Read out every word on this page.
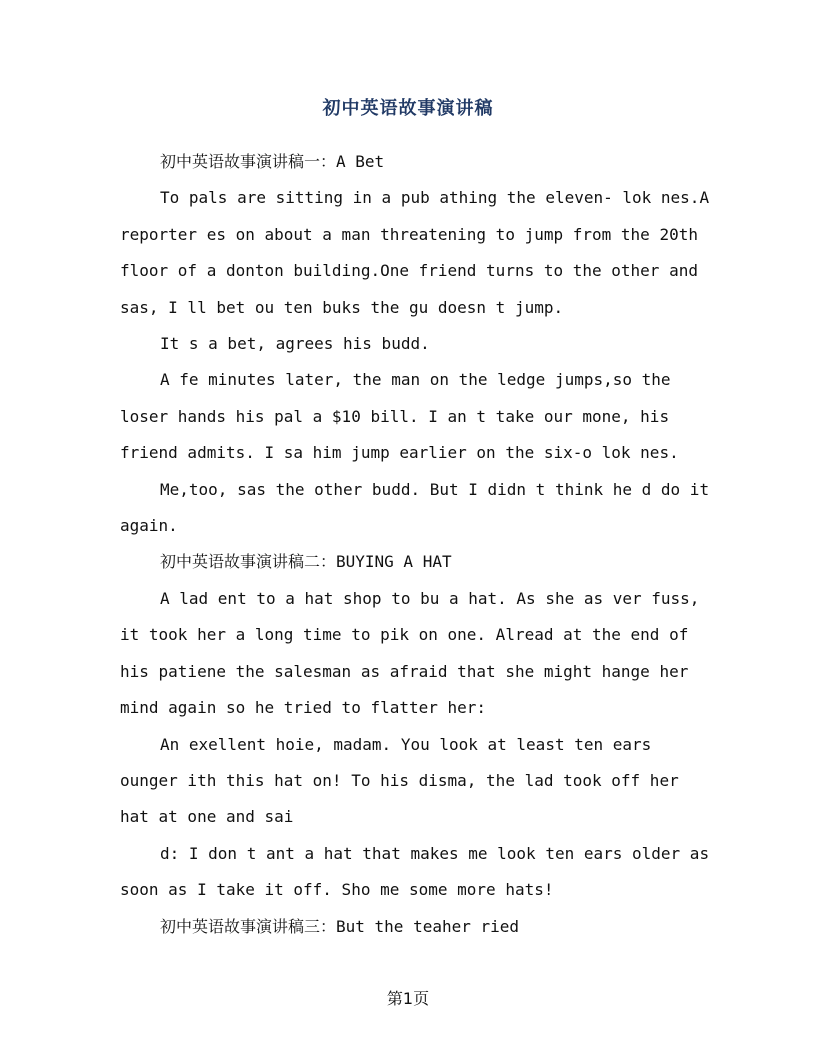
初中英语故事演讲稿

初中英语故事演讲稿一：A Bet

To pals are sitting in a pub athing the eleven- lok nes.A

reporter es on about a man threatening to jump from the 20th

floor of a donton building.One friend turns to the other and

sas, I ll bet ou ten buks the gu doesn t jump.

It s a bet, agrees his budd.

A fe minutes later, the man on the ledge jumps,so the

loser hands his pal a $10 bill. I an t take our mone, his

friend admits. I sa him jump earlier on the six-o lok nes.

Me,too, sas the other budd. But I didn t think he d do it

again.

初中英语故事演讲稿二：BUYING A HAT

A lad ent to a hat shop to bu a hat. As she as ver fuss,

it took her a long time to pik on one. Alread at the end of

his patiene the salesman as afraid that she might hange her

mind again so he tried to flatter her:

An exellent hoie, madam. You look at least ten ears

ounger ith this hat on! To his disma, the lad took off her

hat at one and sai

d: I don t ant a hat that makes me look ten ears older as

soon as I take it off. Sho me some more hats!

初中英语故事演讲稿三：But the teaher ried

第1页
